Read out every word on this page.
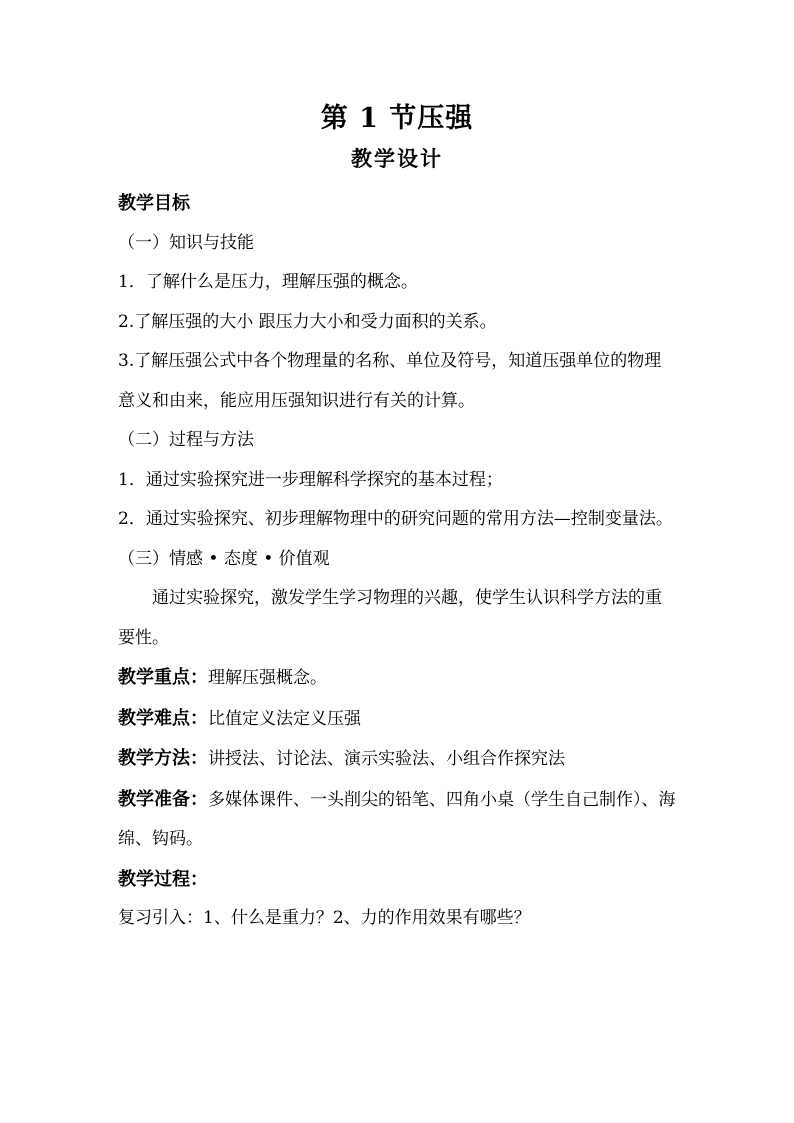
第 1 节压强
教学设计

教学目标

（一）知识与技能

1．了解什么是压力，理解压强的概念。

2.了解压强的大小 跟压力大小和受力面积的关系。

3.了解压强公式中各个物理量的名称、单位及符号，知道压强单位的物理意义和由来，能应用压强知识进行有关的计算。

（二）过程与方法

1．通过实验探究进一步理解科学探究的基本过程；

2．通过实验探究、初步理解物理中的研究问题的常用方法—控制变量法。

（三）情感 • 态度 • 价值观

通过实验探究，激发学生学习物理的兴趣，使学生认识科学方法的重要性。

教学重点：理解压强概念。

教学难点：比值定义法定义压强

教学方法：讲授法、讨论法、演示实验法、小组合作探究法

教学准备：多媒体课件、一头削尖的铅笔、四角小桌（学生自己制作）、海绵、钩码。

教学过程：

复习引入：1、什么是重力？2、力的作用效果有哪些？
